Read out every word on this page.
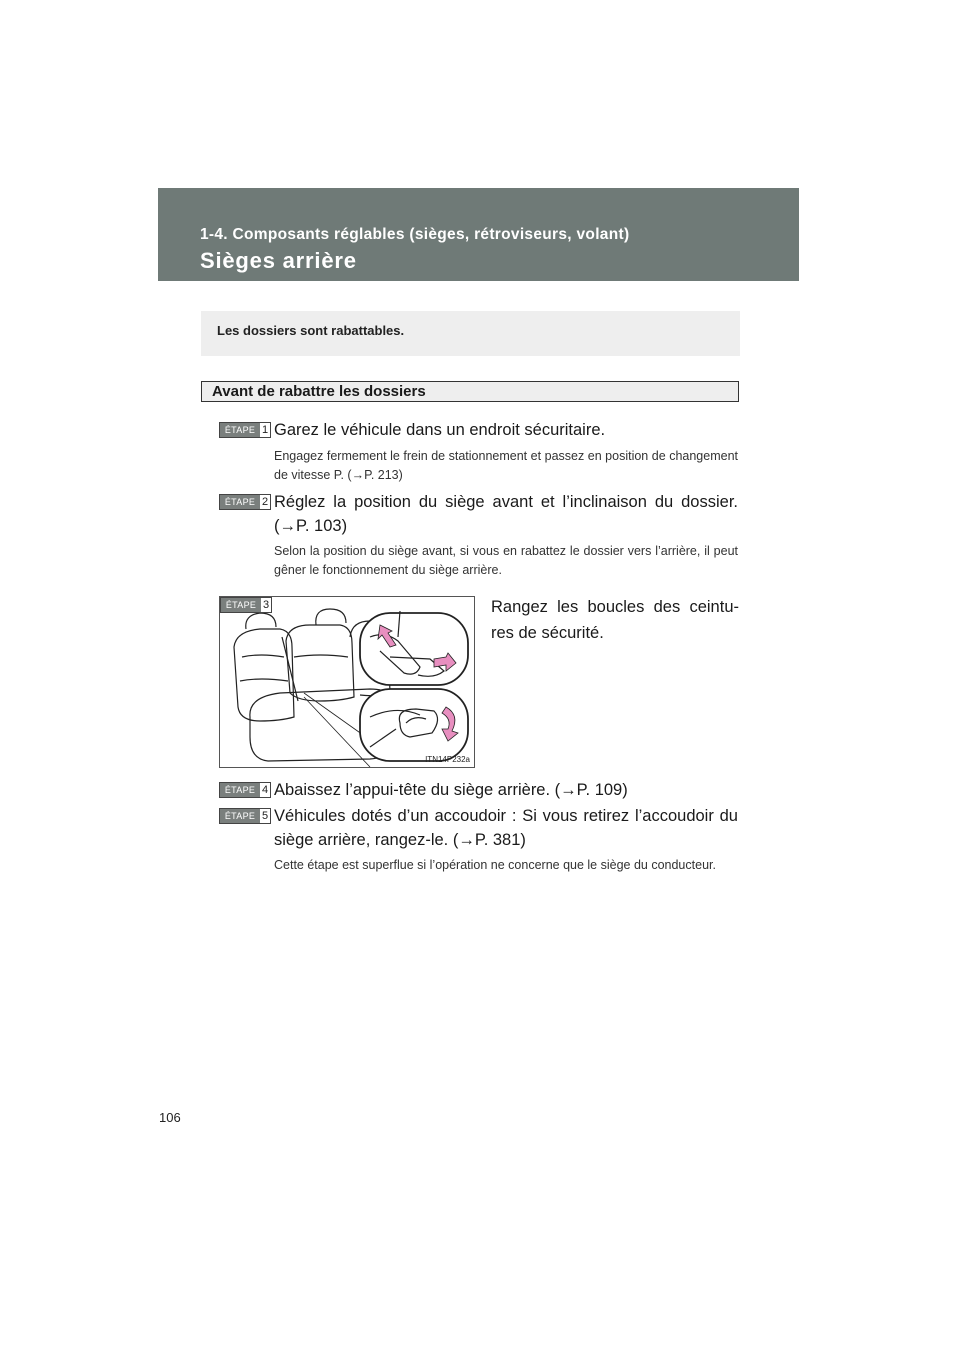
1-4. Composants réglables (sièges, rétroviseurs, volant)
Sièges arrière
Les dossiers sont rabattables.
Avant de rabattre les dossiers
ÉTAPE 1 Garez le véhicule dans un endroit sécuritaire.
Engagez fermement le frein de stationnement et passez en position de changement de vitesse P. (→P. 213)
ÉTAPE 2 Réglez la position du siège avant et l’inclinaison du dossier. (→P. 103)
Selon la position du siège avant, si vous en rabattez le dossier vers l’arrière, il peut gêner le fonctionnement du siège arrière.
ÉTAPE 3
ITN14P232a
Rangez les boucles des ceintu-res de sécurité.
ÉTAPE 4 Abaissez l’appui-tête du siège arrière. (→P. 109)
ÉTAPE 5 Véhicules dotés d’un accoudoir : Si vous retirez l’accoudoir du siège arrière, rangez-le. (→P. 381)
Cette étape est superflue si l’opération ne concerne que le siège du conducteur.
106
